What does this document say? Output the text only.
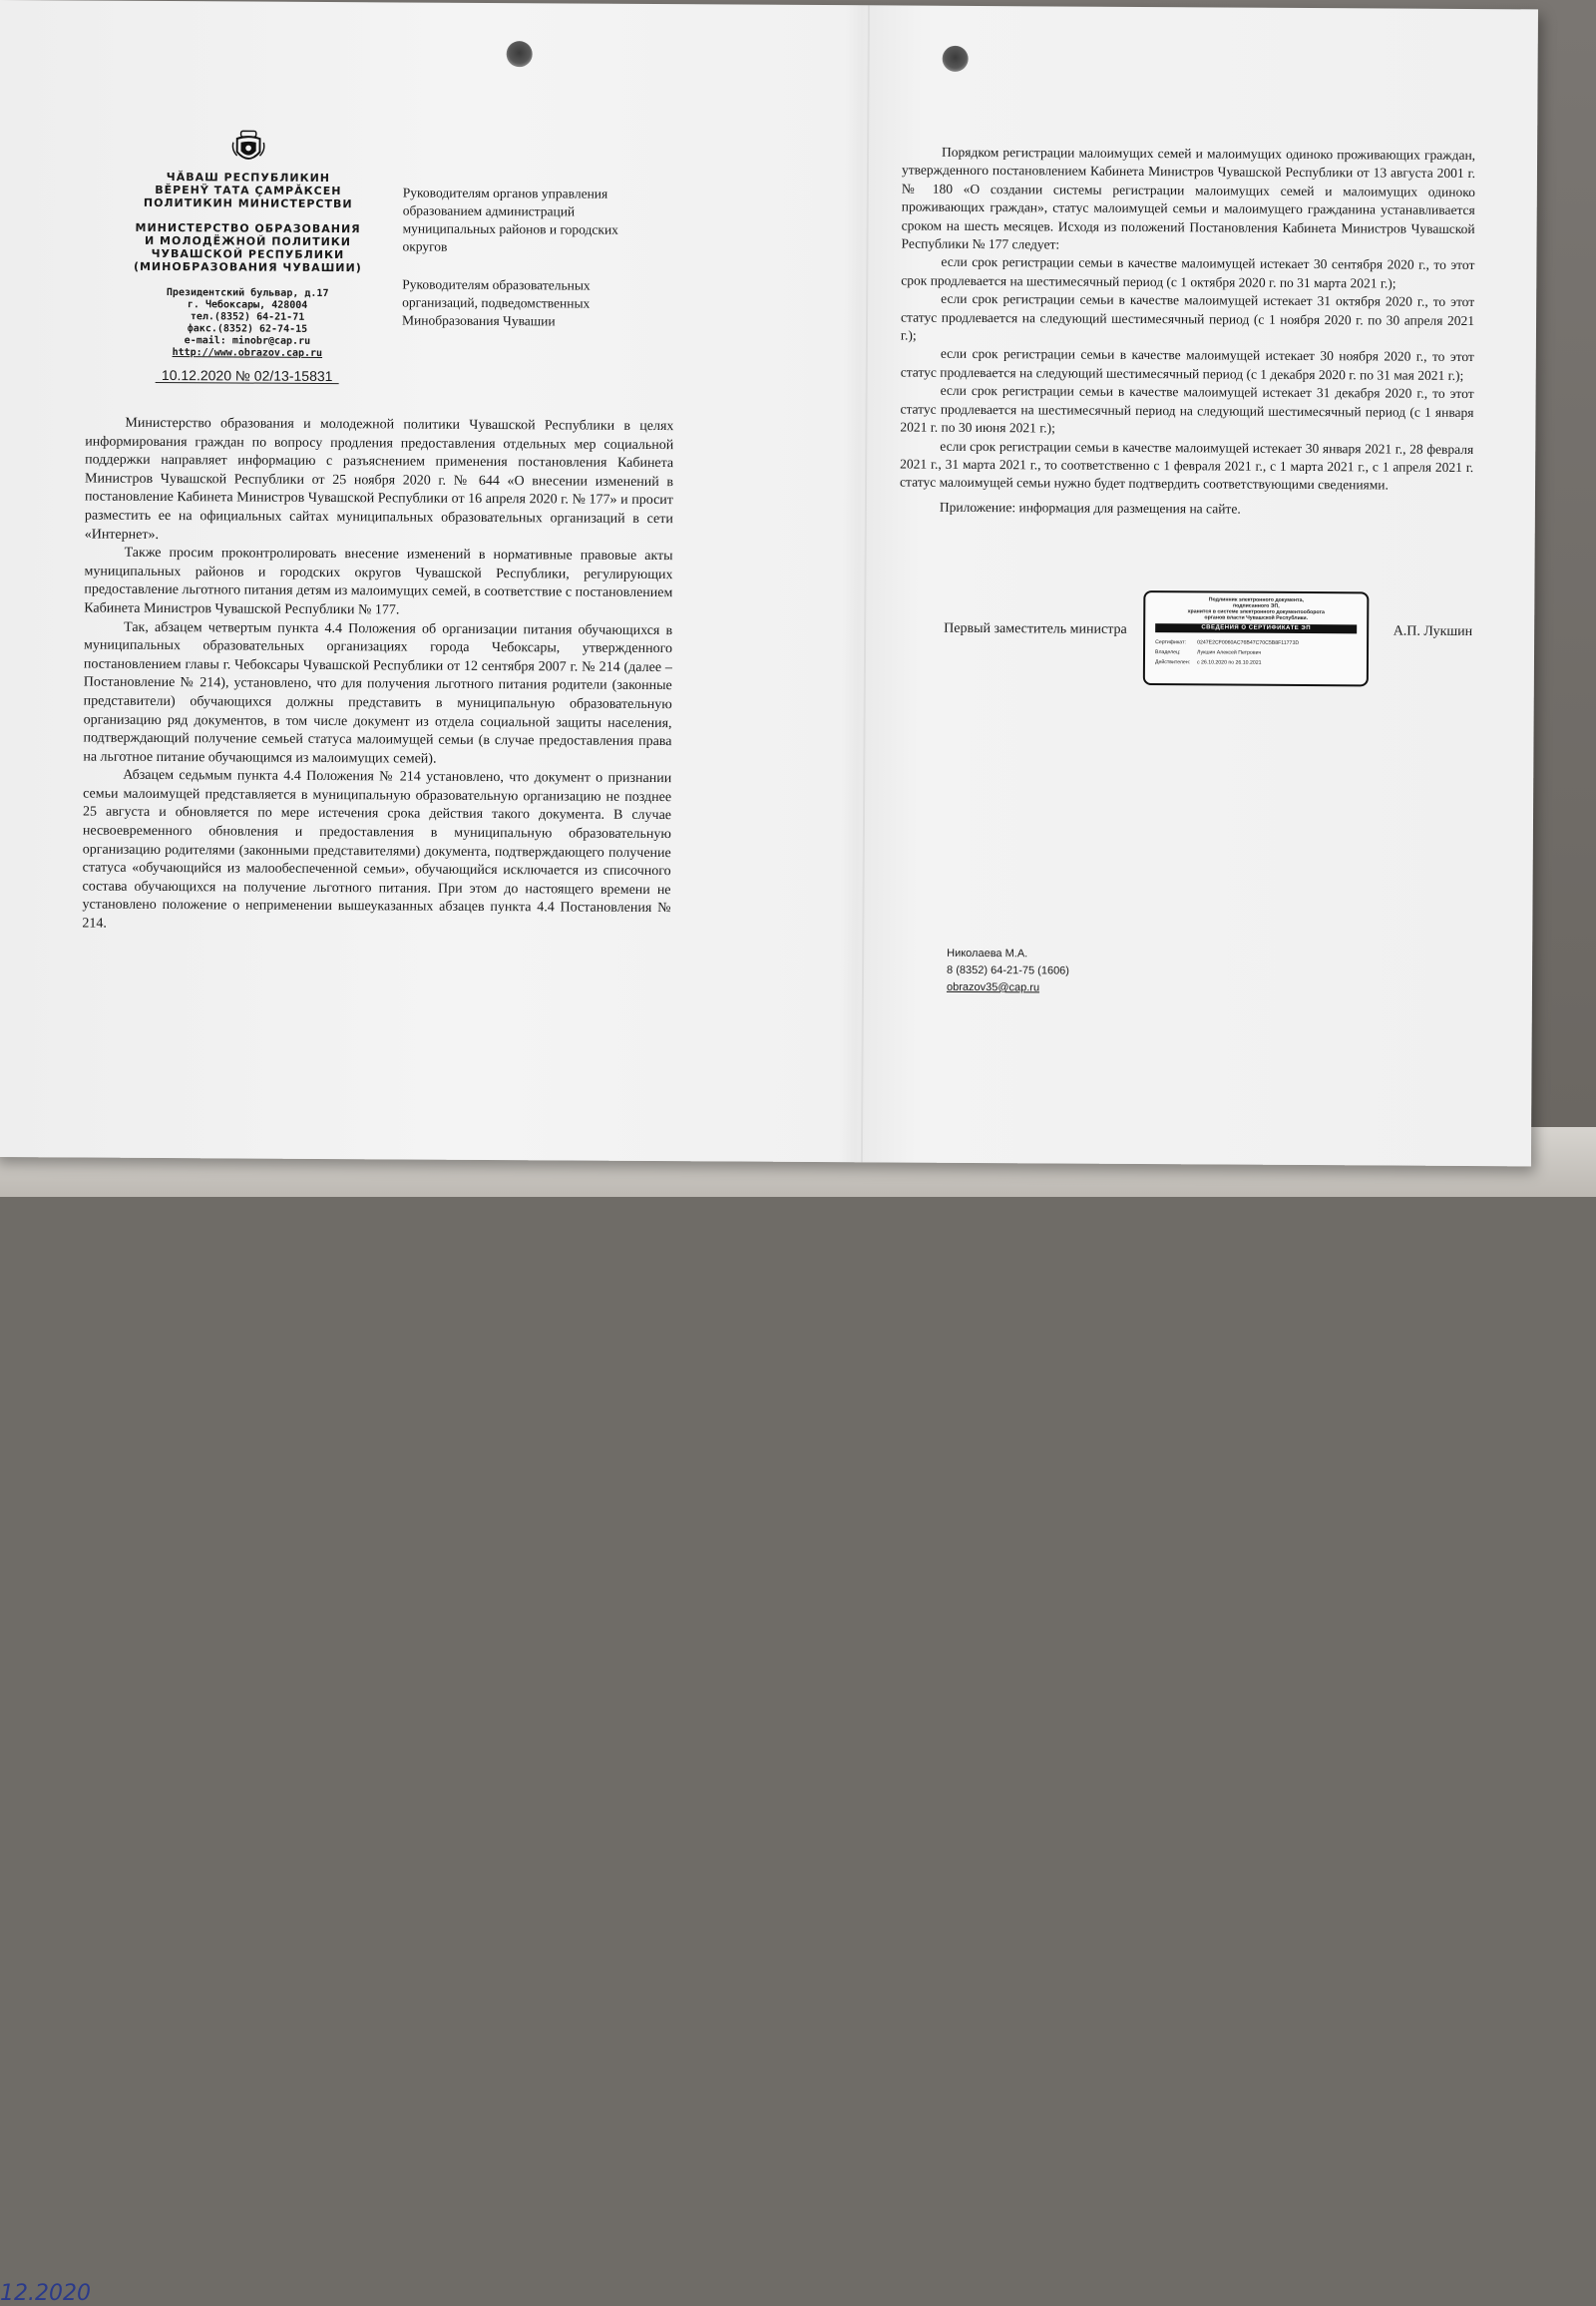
12.2020
ЧĂВАШ РЕСПУБЛИКИН
ВĚРЕНŸ ТАТА ÇАМРĂКСЕН
ПОЛИТИКИН МИНИСТЕРСТВИ
МИНИСТЕРСТВО ОБРАЗОВАНИЯ
И МОЛОДЁЖНОЙ ПОЛИТИКИ
ЧУВАШСКОЙ РЕСПУБЛИКИ
(МИНОБРАЗОВАНИЯ ЧУВАШИИ)
Президентский бульвар, д.17
г. Чебоксары, 428004
тел.(8352) 64-21-71
факс.(8352) 62-74-15
e-mail: minobr@cap.ru
http://www.obrazov.cap.ru
10.12.2020 № 02/13-15831
Руководителям органов управления образованием администраций муниципальных районов и городских округов
Руководителям образовательных организаций, подведомственных Минобразования Чувашии

Министерство образования и молодежной политики Чувашской Республики в целях информирования граждан по вопросу продления предоставления отдельных мер социальной поддержки направляет информацию с разъяснением применения постановления Кабинета Министров Чувашской Республики от 25 ноября 2020 г. № 644 «О внесении изменений в постановление Кабинета Министров Чувашской Республики от 16 апреля 2020 г. № 177» и просит разместить ее на официальных сайтах муниципальных образовательных организаций в сети «Интернет».

Также просим проконтролировать внесение изменений в нормативные правовые акты муниципальных районов и городских округов Чувашской Республики, регулирующих предоставление льготного питания детям из малоимущих семей, в соответствие с постановлением Кабинета Министров Чувашской Республики № 177.

Так, абзацем четвертым пункта 4.4 Положения об организации питания обучающихся в муниципальных образовательных организациях города Чебоксары, утвержденного постановлением главы г. Чебоксары Чувашской Республики от 12 сентября 2007 г. № 214 (далее – Постановление № 214), установлено, что для получения льготного питания родители (законные представители) обучающихся должны представить в муниципальную образовательную организацию ряд документов, в том числе документ из отдела социальной защиты населения, подтверждающий получение семьей статуса малоимущей семьи (в случае предоставления права на льготное питание обучающимся из малоимущих семей).

Абзацем седьмым пункта 4.4 Положения № 214 установлено, что документ о признании семьи малоимущей представляется в муниципальную образовательную организацию не позднее 25 августа и обновляется по мере истечения срока действия такого документа. В случае несвоевременного обновления и предоставления в муниципальную образовательную организацию родителями (законными представителями) документа, подтверждающего получение статуса «обучающийся из малообеспеченной семьи», обучающийся исключается из списочного состава обучающихся на получение льготного питания. При этом до настоящего времени не установлено положение о неприменении вышеуказанных абзацев пункта 4.4 Постановления № 214.

Порядком регистрации малоимущих семей и малоимущих одиноко проживающих граждан, утвержденного постановлением Кабинета Министров Чувашской Республики от 13 августа 2001 г. № 180 «О создании системы регистрации малоимущих семей и малоимущих одиноко проживающих граждан», статус малоимущей семьи и малоимущего гражданина устанавливается сроком на шесть месяцев. Исходя из положений Постановления Кабинета Министров Чувашской Республики № 177 следует:

если срок регистрации семьи в качестве малоимущей истекает 30 сентября 2020 г., то этот срок продлевается на шестимесячный период (с 1 октября 2020 г. по 31 марта 2021 г.);

если срок регистрации семьи в качестве малоимущей истекает 31 октября 2020 г., то этот статус продлевается на следующий шестимесячный период (с 1 ноября 2020 г. по 30 апреля 2021 г.);

если срок регистрации семьи в качестве малоимущей истекает 30 ноября 2020 г., то этот статус продлевается на следующий шестимесячный период (с 1 декабря 2020 г. по 31 мая 2021 г.);

если срок регистрации семьи в качестве малоимущей истекает 31 декабря 2020 г., то этот статус продлевается на шестимесячный период на следующий шестимесячный период (с 1 января 2021 г. по 30 июня 2021 г.);

если срок регистрации семьи в качестве малоимущей истекает 30 января 2021 г., 28 февраля 2021 г., 31 марта 2021 г., то соответственно с 1 февраля 2021 г., с 1 марта 2021 г., с 1 апреля 2021 г. статус малоимущей семьи нужно будет подтвердить соответствующими сведениями.

Приложение: информация для размещения на сайте.

Первый заместитель министра
Подлинник электронного документа,
подписанного ЭП,
хранится в системе электронного документооборота
органов власти Чувашской Республики.
СВЕДЕНИЯ О СЕРТИФИКАТЕ ЭП
Сертификат:	0247E2CF0060AC76B47C70C5B8F11773D
Владелец:	Лукшин Алексей Петрович
Действителен:	с 26.10.2020 по 26.10.2021
А.П. Лукшин
Николаева М.А.
8 (8352) 64-21-75 (1606)
obrazov35@cap.ru
